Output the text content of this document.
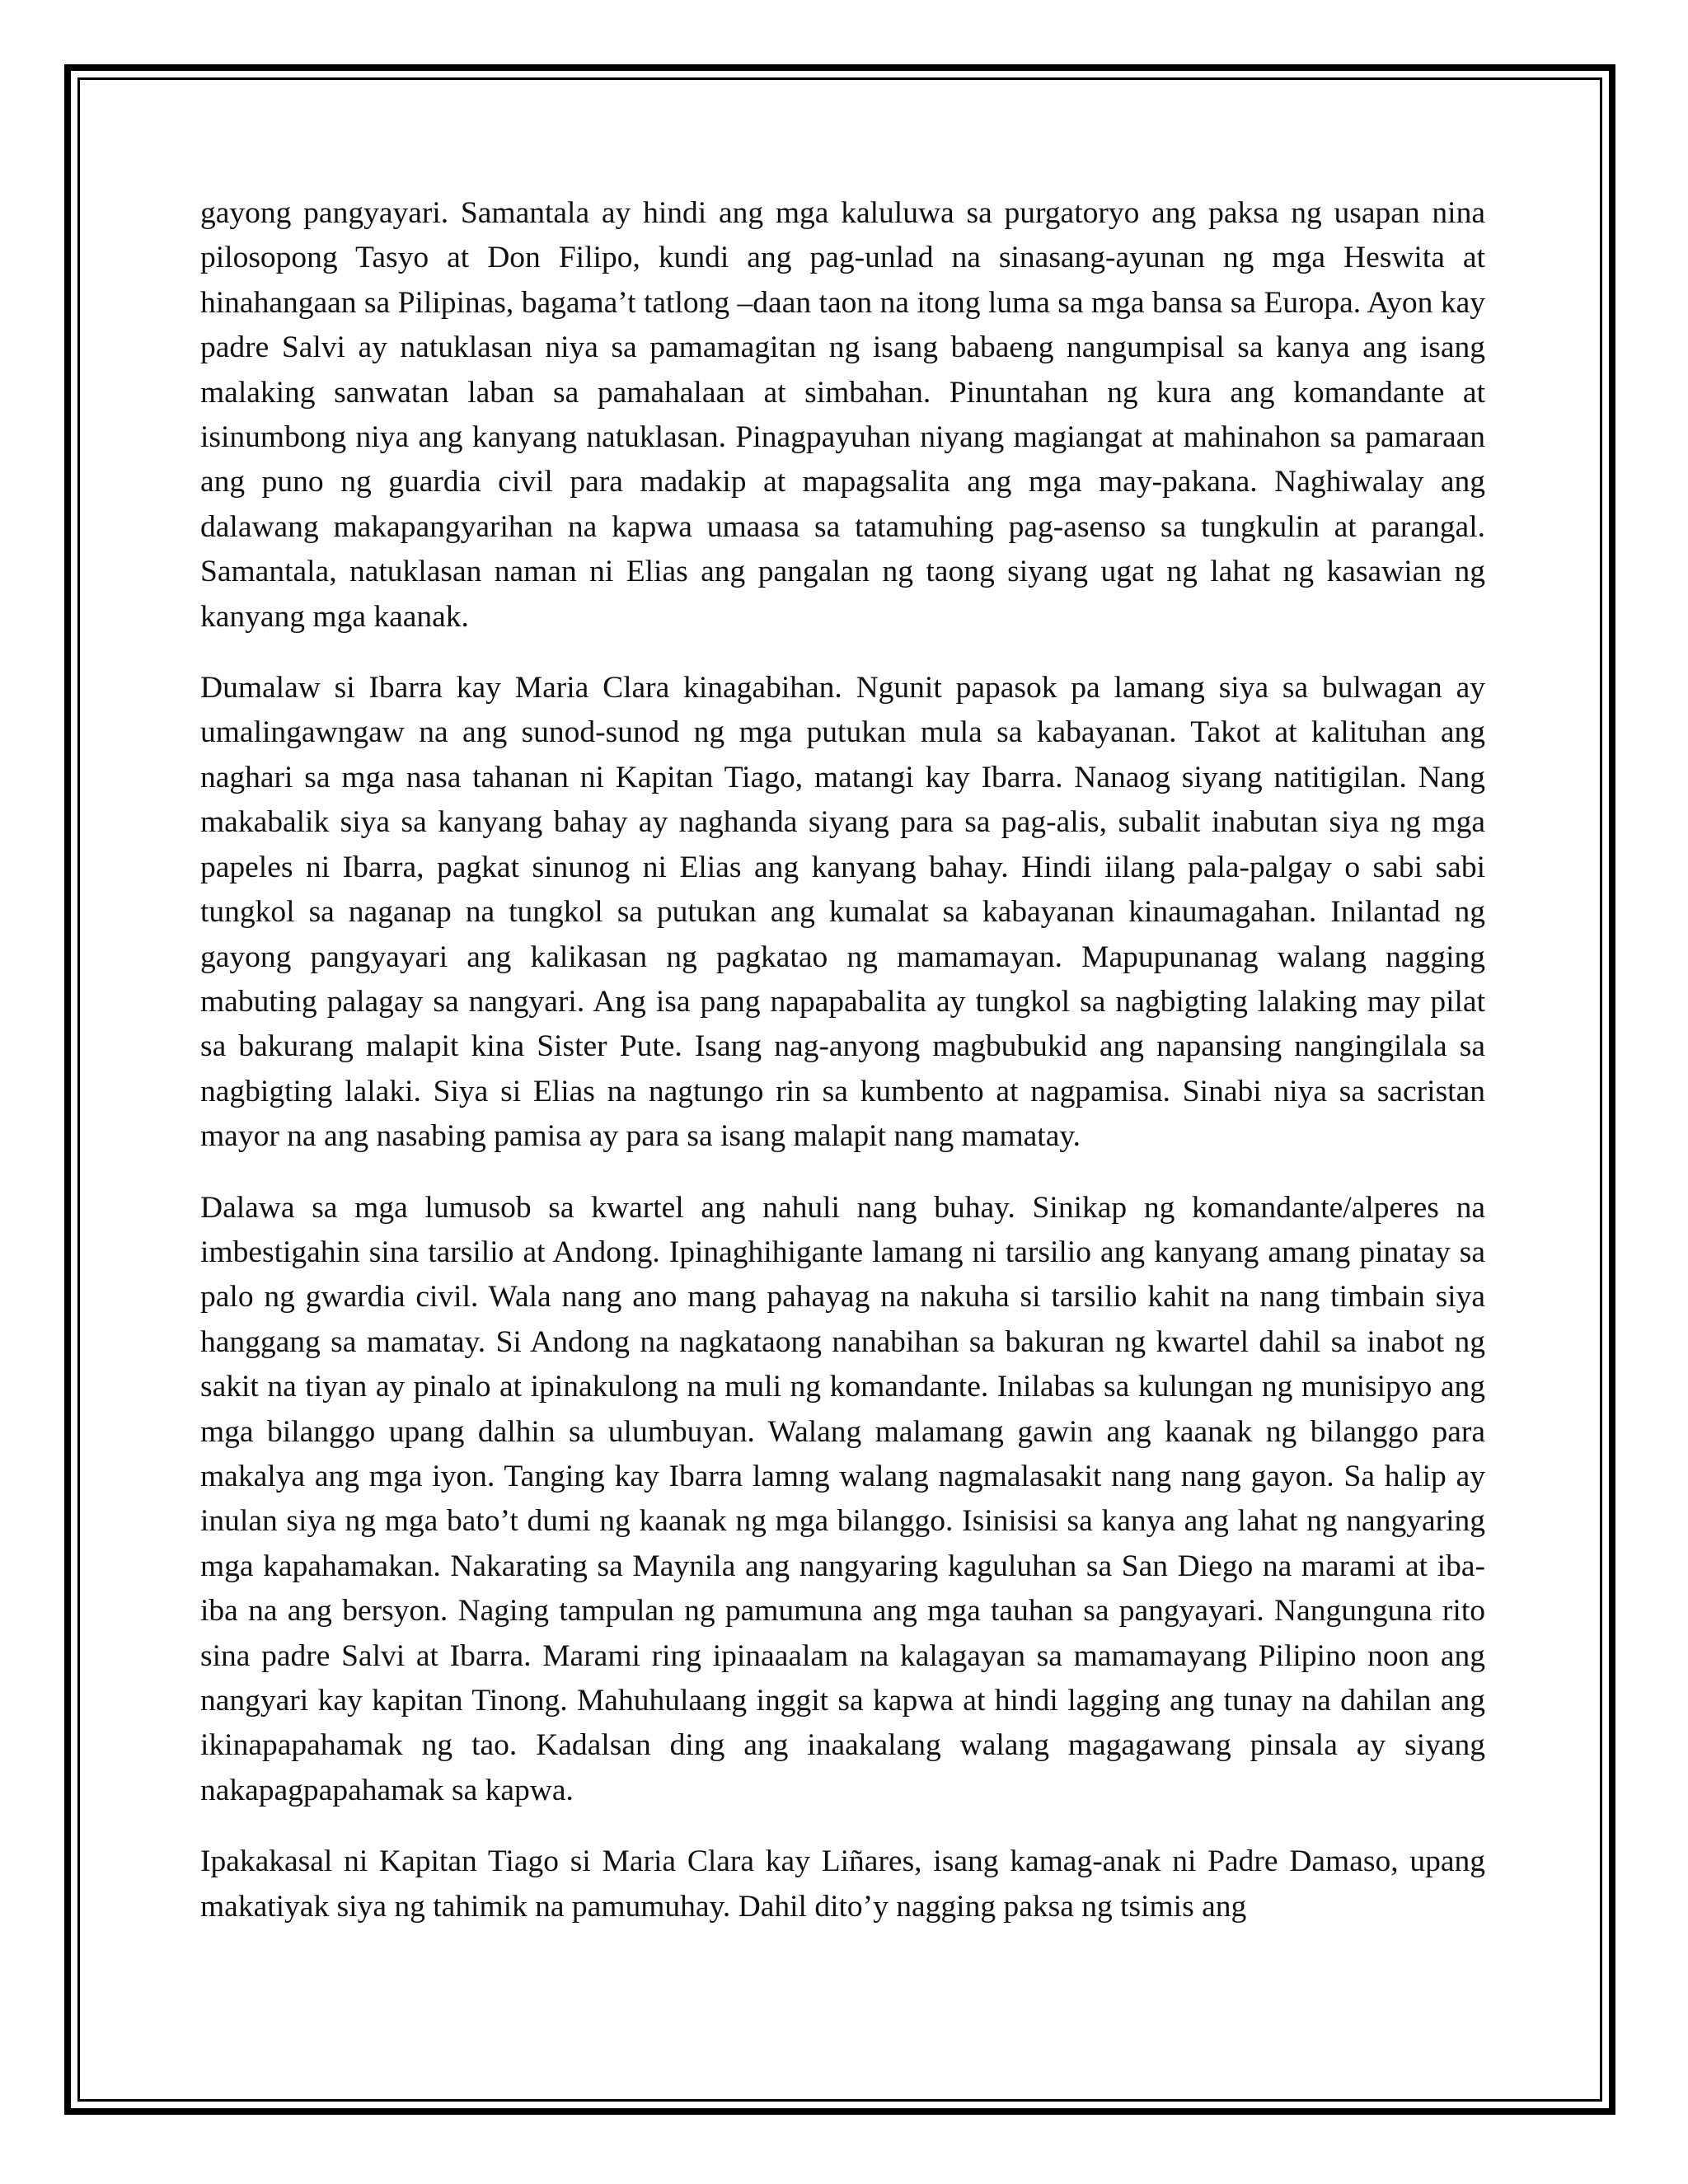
gayong pangyayari. Samantala ay hindi ang mga kaluluwa sa purgatoryo ang paksa ng usapan nina pilosopong Tasyo at Don Filipo, kundi ang pag-unlad na sinasang-ayunan ng mga Heswita at hinahangaan sa Pilipinas, bagama’t tatlong –daan taon na itong luma sa mga bansa sa Europa. Ayon kay padre Salvi ay natuklasan niya sa pamamagitan ng isang babaeng nangumpisal sa kanya ang isang malaking sanwatan laban sa pamahalaan at simbahan. Pinuntahan ng kura ang komandante at isinumbong niya ang kanyang natuklasan. Pinagpayuhan niyang magiangat at mahinahon sa pamaraan ang puno ng guardia civil para madakip at mapagsalita ang mga may-pakana. Naghiwalay ang dalawang makapangyarihan na kapwa umaasa sa tatamuhing pag-asenso sa tungkulin at parangal. Samantala, natuklasan naman ni Elias ang pangalan ng taong siyang ugat ng lahat ng kasawian ng kanyang mga kaanak.

Dumalaw si Ibarra kay Maria Clara kinagabihan. Ngunit papasok pa lamang siya sa bulwagan ay umalingawngaw na ang sunod-sunod ng mga putukan mula sa kabayanan. Takot at kalituhan ang naghari sa mga nasa tahanan ni Kapitan Tiago, matangi kay Ibarra. Nanaog siyang natitigilan. Nang makabalik siya sa kanyang bahay ay naghanda siyang para sa pag-alis, subalit inabutan siya ng mga papeles ni Ibarra, pagkat sinunog ni Elias ang kanyang bahay. Hindi iilang pala-palgay o sabi sabi tungkol sa naganap na tungkol sa putukan ang kumalat sa kabayanan kinaumagahan. Inilantad ng gayong pangyayari ang kalikasan ng pagkatao ng mamamayan. Mapupunanag walang nagging mabuting palagay sa nangyari. Ang isa pang napapabalita ay tungkol sa nagbigting lalaking may pilat sa bakurang malapit kina Sister Pute. Isang nag-anyong magbubukid ang napansing nangingilala sa nagbigting lalaki. Siya si Elias na nagtungo rin sa kumbento at nagpamisa. Sinabi niya sa sacristan mayor na ang nasabing pamisa ay para sa isang malapit nang mamatay.

Dalawa sa mga lumusob sa kwartel ang nahuli nang buhay. Sinikap ng komandante/alperes na imbestigahin sina tarsilio at Andong. Ipinaghihigante lamang ni tarsilio ang kanyang amang pinatay sa palo ng gwardia civil. Wala nang ano mang pahayag na nakuha si tarsilio kahit na nang timbain siya hanggang sa mamatay. Si Andong na nagkataong nanabihan sa bakuran ng kwartel dahil sa inabot ng sakit na tiyan ay pinalo at ipinakulong na muli ng komandante. Inilabas sa kulungan ng munisipyo ang mga bilanggo upang dalhin sa ulumbuyan. Walang malamang gawin ang kaanak ng bilanggo para makalya ang mga iyon. Tanging kay Ibarra lamng walang nagmalasakit nang nang gayon. Sa halip ay inulan siya ng mga bato’t dumi ng kaanak ng mga bilanggo. Isinisisi sa kanya ang lahat ng nangyaring mga kapahamakan. Nakarating sa Maynila ang nangyaring kaguluhan sa San Diego na marami at iba-iba na ang bersyon. Naging tampulan ng pamumuna ang mga tauhan sa pangyayari. Nangunguna rito sina padre Salvi at Ibarra. Marami ring ipinaaalam na kalagayan sa mamamayang Pilipino noon ang nangyari kay kapitan Tinong. Mahuhulaang inggit sa kapwa at hindi lagging ang tunay na dahilan ang ikinapapahamak ng tao. Kadalsan ding ang inaakalang walang magagawang pinsala ay siyang nakapagpapahamak sa kapwa.

Ipakakasal ni Kapitan Tiago si Maria Clara kay Liñares, isang kamag-anak ni Padre Damaso, upang makatiyak siya ng tahimik na pamumuhay. Dahil dito’y nagging paksa ng tsimis ang
